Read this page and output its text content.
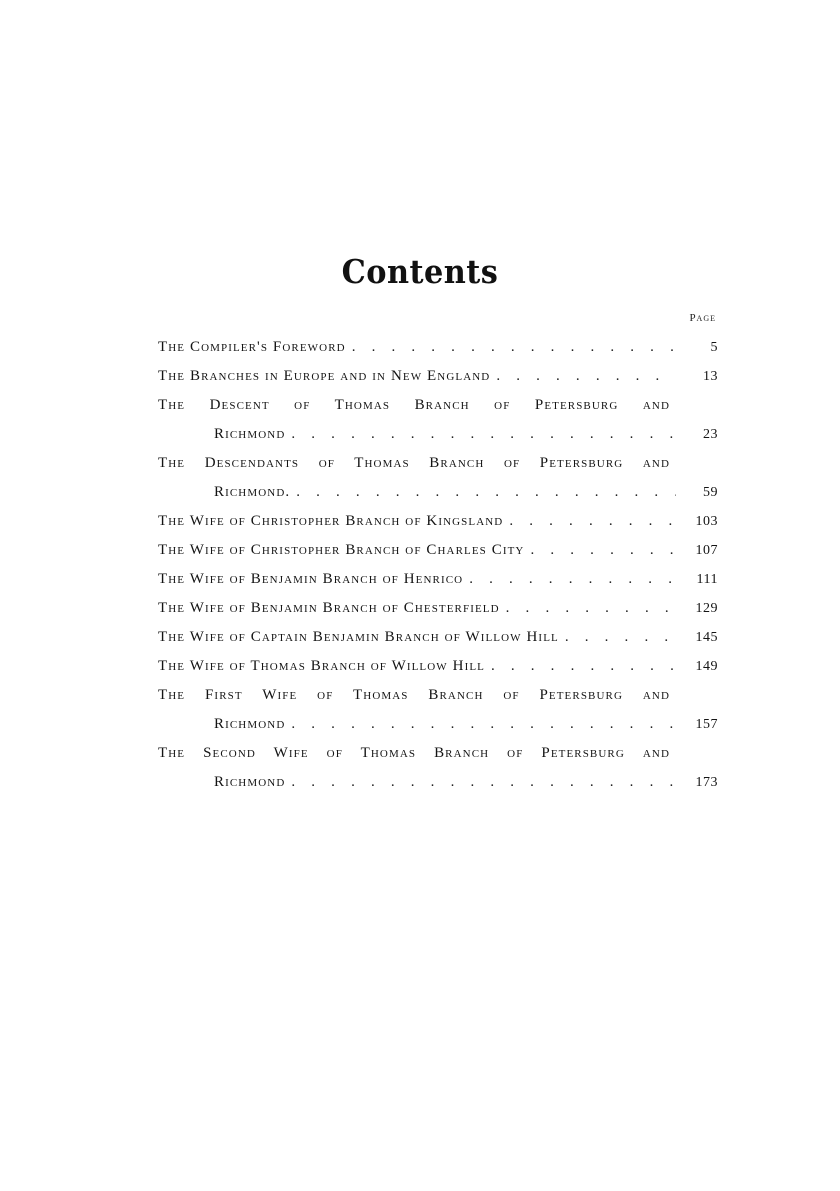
Contents
Page
The Compiler's Foreword . . .	5
The Branches in Europe and in New England . . .	13
The Descent of Thomas Branch of Petersburg and
Richmond . . .	23
The Descendants of Thomas Branch of Petersburg and
Richmond. . . .	59
The Wife of Christopher Branch of Kingsland . . .	103
The Wife of Christopher Branch of Charles City . . .	107
The Wife of Benjamin Branch of Henrico . . .	111
The Wife of Benjamin Branch of Chesterfield . . .	129
The Wife of Captain Benjamin Branch of Willow Hill . . .	145
The Wife of Thomas Branch of Willow Hill . . .	149
The First Wife of Thomas Branch of Petersburg and
Richmond . . .	157
The Second Wife of Thomas Branch of Petersburg and
Richmond . . .	173
